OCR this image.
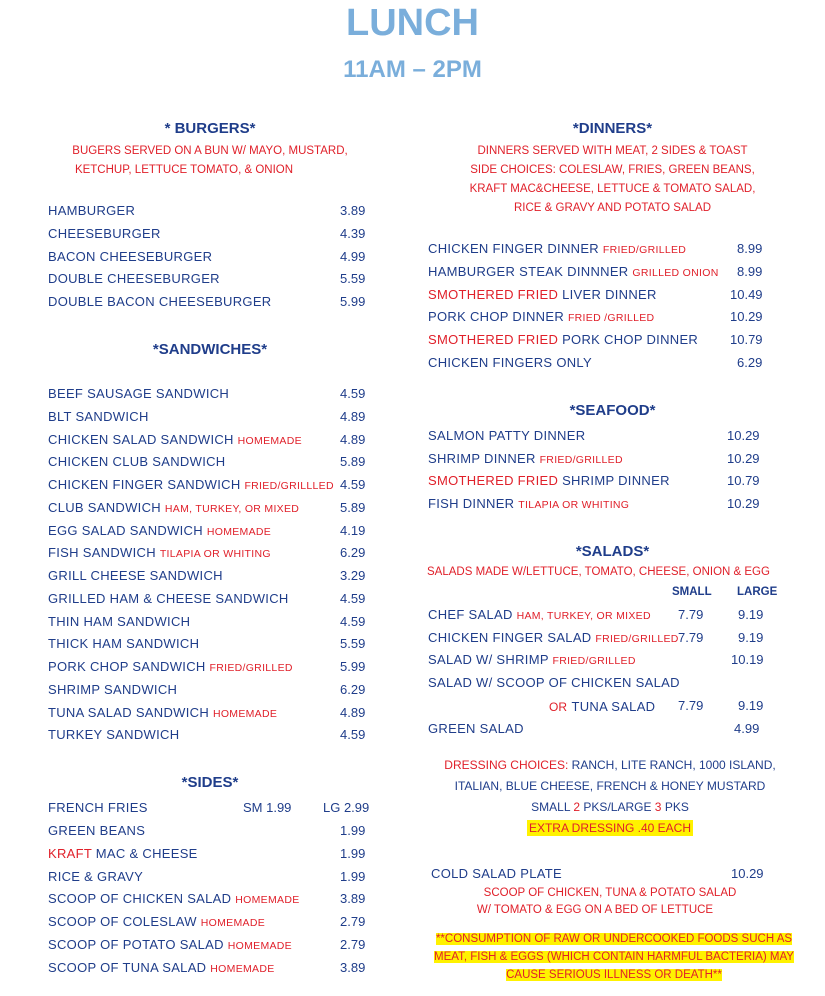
LUNCH
11AM – 2PM
* BURGERS*
BUGERS SERVED ON A BUN W/ MAYO, MUSTARD,
KETCHUP, LETTUCE TOMATO, & ONION
HAMBURGER	3.89
CHEESEBURGER	4.39
BACON CHEESEBURGER	4.99
DOUBLE CHEESEBURGER	5.59
DOUBLE BACON CHEESEBURGER	5.99
*SANDWICHES*
BEEF SAUSAGE SANDWICH	4.59
BLT SANDWICH	4.89
CHICKEN SALAD SANDWICH HOMEMADE	4.89
CHICKEN CLUB SANDWICH	5.89
CHICKEN FINGER SANDWICH FRIED/GRILLLED 4.59
CLUB SANDWICH HAM, TURKEY, OR MIXED	5.89
EGG SALAD SANDWICH HOMEMADE	4.19
FISH SANDWICH TILAPIA OR WHITING	6.29
GRILL CHEESE SANDWICH	3.29
GRILLED HAM & CHEESE SANDWICH	4.59
THIN HAM SANDWICH	4.59
THICK HAM SANDWICH	5.59
PORK CHOP SANDWICH FRIED/GRILLED	5.99
SHRIMP SANDWICH	6.29
TUNA SALAD SANDWICH HOMEMADE	4.89
TURKEY SANDWICH	4.59
*SIDES*
FRENCH FRIES	SM 1.99 LG 2.99
GREEN BEANS	1.99
KRAFT MAC & CHEESE	1.99
RICE & GRAVY	1.99
SCOOP OF CHICKEN SALAD HOMEMADE	3.89
SCOOP OF COLESLAW HOMEMADE	2.79
SCOOP OF POTATO SALAD HOMEMADE	2.79
SCOOP OF TUNA SALAD HOMEMADE	3.89
*DINNERS*
DINNERS SERVED WITH MEAT, 2 SIDES & TOAST
SIDE CHOICES: COLESLAW, FRIES, GREEN BEANS,
KRAFT MAC&CHEESE, LETTUCE & TOMATO SALAD,
RICE & GRAVY AND POTATO SALAD
CHICKEN FINGER DINNER FRIED/GRILLED	8.99
HAMBURGER STEAK DINNNER GRILLED ONION 8.99
SMOTHERED FRIED LIVER DINNER	10.49
PORK CHOP DINNER FRIED /GRILLED	10.29
SMOTHERED FRIED PORK CHOP DINNER 10.79
CHICKEN FINGERS ONLY	6.29
*SEAFOOD*
SALMON PATTY DINNER	10.29
SHRIMP DINNER FRIED/GRILLED	10.29
SMOTHERED FRIED SHRIMP DINNER	10.79
FISH DINNER TILAPIA OR WHITING	10.29
*SALADS*
SALADS MADE W/LETTUCE, TOMATO, CHEESE, ONION & EGG
SMALL LARGE
CHEF SALAD HAM, TURKEY, OR MIXED 7.79	9.19
CHICKEN FINGER SALAD FRIED/GRILLED 7.79	9.19
SALAD W/ SHRIMP FRIED/GRILLED	10.19
SALAD W/ SCOOP OF CHICKEN SALAD
OR TUNA SALAD 7.79	9.19
GREEN SALAD	4.99
DRESSING CHOICES: RANCH, LITE RANCH, 1000 ISLAND,
ITALIAN, BLUE CHEESE, FRENCH & HONEY MUSTARD
SMALL 2 PKS/LARGE 3 PKS
EXTRA DRESSING .40 EACH
COLD SALAD PLATE	10.29
SCOOP OF CHICKEN, TUNA & POTATO SALAD
W/ TOMATO & EGG ON A BED OF LETTUCE
**CONSUMPTION OF RAW OR UNDERCOOKED FOODS SUCH AS
MEAT, FISH & EGGS (WHICH CONTAIN HARMFUL BACTERIA) MAY
CAUSE SERIOUS ILLNESS OR DEATH**
